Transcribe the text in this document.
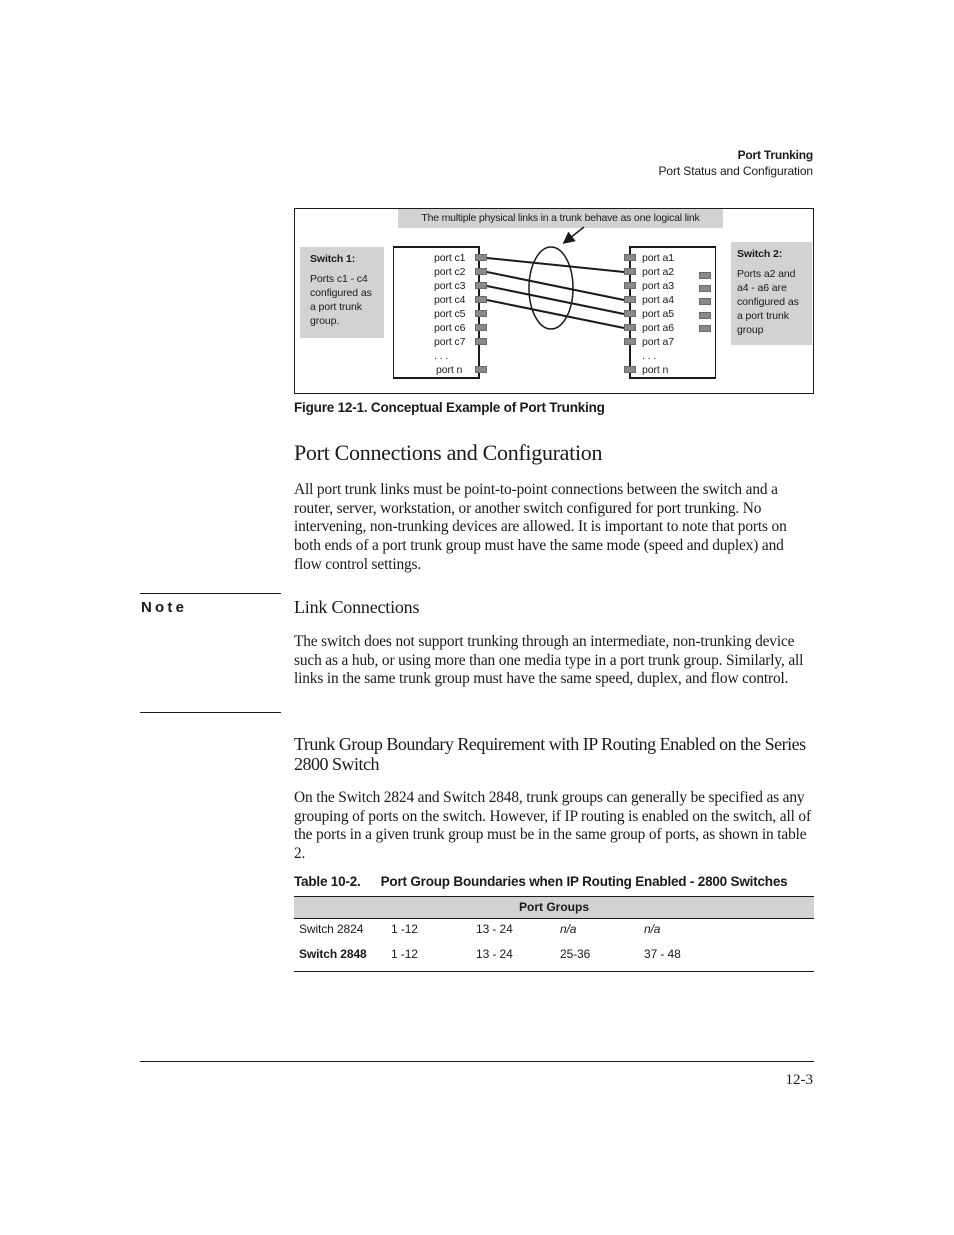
Port Trunking
Port Status and Configuration
The multiple physical links in a trunk behave as one logical link
Switch 1:
Ports c1 - c4 configured as a port trunk group.
Switch 2:
Ports a2 and a4 - a6 are configured as a port trunk group
port c1
port c2
port c3
port c4
port c5
port c6
port c7
. . .
port n
port a1
port a2
port a3
port a4
port a5
port a6
port a7
. . .
port n
Figure 12-1. Conceptual Example of Port Trunking
Port Connections and Configuration
All port trunk links must be point-to-point connections between the switch and a router, server, workstation, or another switch configured for port trunking. No intervening, non-trunking devices are allowed. It is important to note that ports on both ends of a port trunk group must have the same mode (speed and duplex) and flow control settings.
Note	Link Connections
The switch does not support trunking through an intermediate, non-trunking device such as a hub, or using more than one media type in a port trunk group. Similarly, all links in the same trunk group must have the same speed, duplex, and flow control.
Trunk Group Boundary Requirement with IP Routing Enabled on the Series 2800 Switch
On the Switch 2824 and Switch 2848, trunk groups can generally be specified as any grouping of ports on the switch. However, if IP routing is enabled on the switch, all of the ports in a given trunk group must be in the same group of ports, as shown in table 2.
Table 10-2. Port Group Boundaries when IP Routing Enabled - 2800 Switches
Port Groups
Switch 2824 1 -12	13 - 24	n/a	n/a
Switch 2848 1 -12	13 - 24	25-36	37 - 48
12-3
